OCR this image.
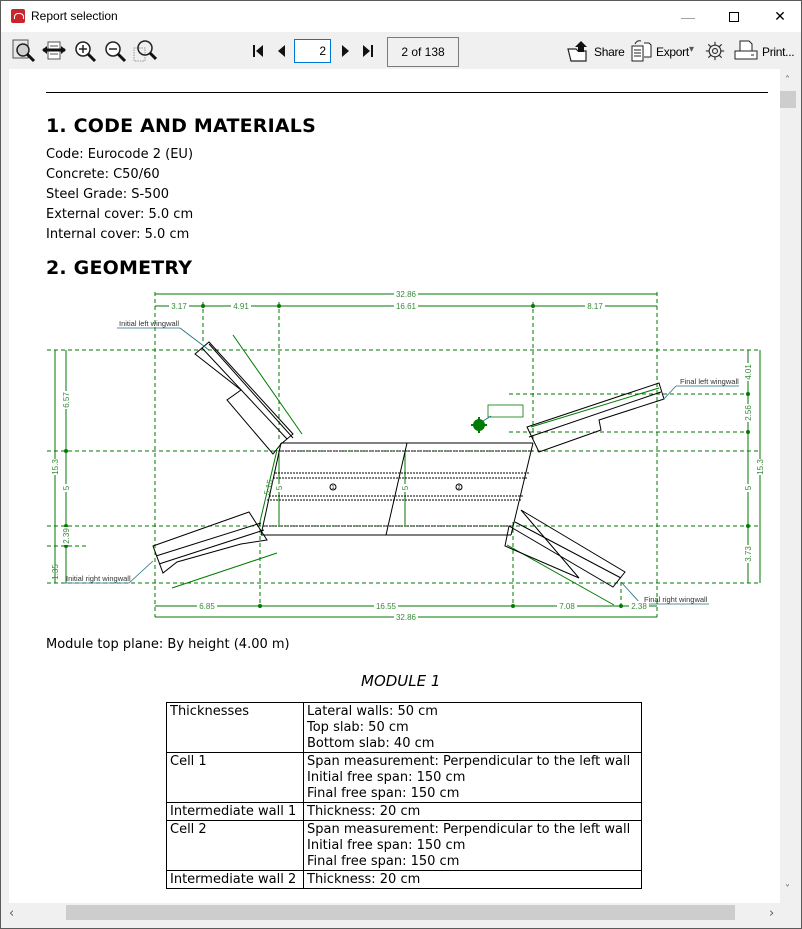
Report selection	—	✕
2	2 of 138	Share	Export ▾	Print...
1. CODE AND MATERIALS
Code: Eurocode 2 (EU)
Concrete: C50/60
Steel Grade: S-500
External cover: 5.0 cm
Internal cover: 5.0 cm
2. GEOMETRY
32.86
3.17	4.91	16.61	8.17
6.85	16.55	7.08	2.38
32.86
15.3
6.57
5
2.39
1.35
4.01
2.56
5
3.73
15.3
5	5
5.15	1	2
Initial left wingwall
Final left wingwall
Initial right wingwall
Final right wingwall
Module top plane: By height (4.00 m)
MODULE 1
Thicknesses	Lateral walls: 50 cm
Top slab: 50 cm
Bottom slab: 40 cm

Cell 1	Span measurement: Perpendicular to the left wall
Initial free span: 150 cm
Final free span: 150 cm

Intermediate wall 1	Thickness: 20 cm

Cell 2	Span measurement: Perpendicular to the left wall
Initial free span: 150 cm
Final free span: 150 cm

Intermediate wall 2	Thickness: 20 cm
˄
˅
‹	›
